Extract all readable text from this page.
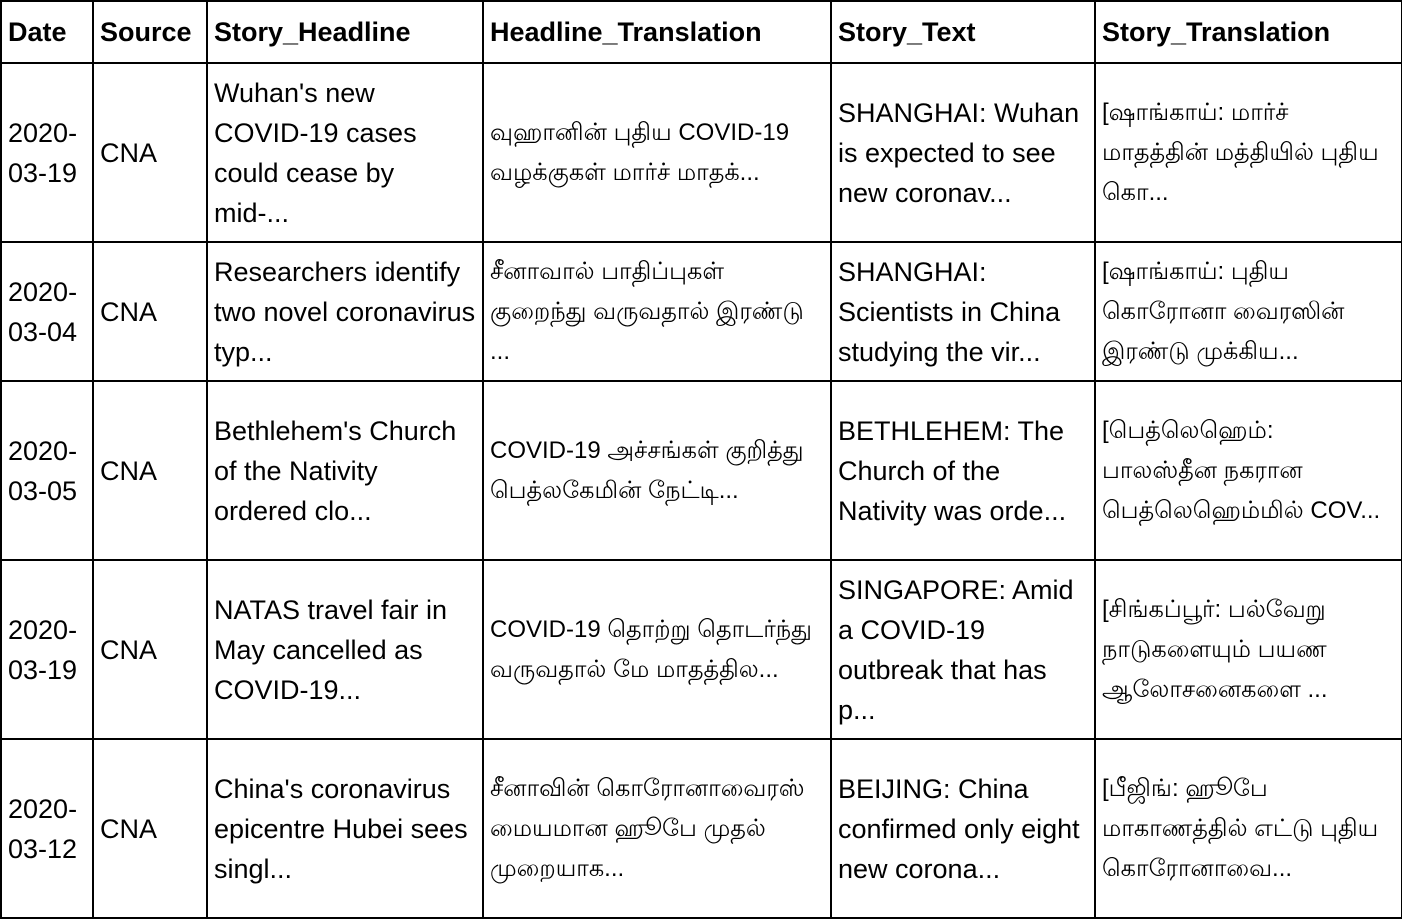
Date	Source	Story_Headline	Headline_Translation	Story_Text	Story_Translation
2020-03-19	CNA	Wuhan's new COVID-19 cases could cease by mid-...	வுஹானின் புதிய COVID-19 வழக்குகள் மார்ச் மாதக்...	SHANGHAI: Wuhan is expected to see new coronav...	[ஷாங்காய்: மார்ச் மாதத்தின் மத்தியில் புதிய கொ...
2020-03-04	CNA	Researchers identify two novel coronavirus typ...	சீனாவால் பாதிப்புகள் குறைந்து வருவதால் இரண்டு ...	SHANGHAI: Scientists in China studying the vir...	[ஷாங்காய்: புதிய கொரோனா வைரஸின் இரண்டு முக்கிய...
2020-03-05	CNA	Bethlehem's Church of the Nativity ordered clo...	COVID-19 அச்சங்கள் குறித்து பெத்லகேமின் நேட்டி...	BETHLEHEM: The Church of the Nativity was orde...	[பெத்லெஹெம்: பாலஸ்தீன நகரான பெத்லெஹெம்மில் COV...
2020-03-19	CNA	NATAS travel fair in May cancelled as COVID-19...	COVID-19 தொற்று தொடர்ந்து வருவதால் மே மாதத்தில...	SINGAPORE: Amid a COVID-19 outbreak that has p...	[சிங்கப்பூர்: பல்வேறு நாடுகளையும் பயண ஆலோசனைகளை ...
2020-03-12	CNA	China's coronavirus epicentre Hubei sees singl...	சீனாவின் கொரோனாவைரஸ் மையமான ஹூபே முதல் முறையாக...	BEIJING: China confirmed only eight new corona...	[பீஜிங்: ஹூபே மாகாணத்தில் எட்டு புதிய கொரோனாவை...
